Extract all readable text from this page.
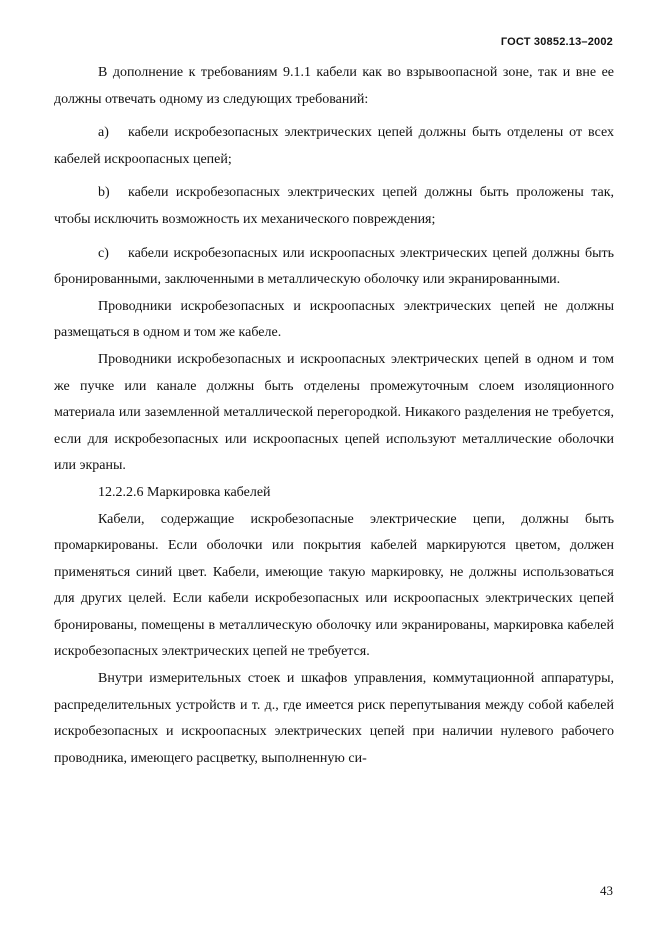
ГОСТ 30852.13–2002

В дополнение к требованиям 9.1.1 кабели как во взрывоопасной зоне, так и вне ее должны отвечать одному из следующих требований:

a) кабели искробезопасных электрических цепей должны быть отделены от всех кабелей искроопасных цепей;

b) кабели искробезопасных электрических цепей должны быть проложены так, чтобы исключить возможность их механического повреждения;

c) кабели искробезопасных или искроопасных электрических цепей должны быть бронированными, заключенными в металлическую оболочку или экранированными.

Проводники искробезопасных и искроопасных электрических цепей не должны размещаться в одном и том же кабеле.

Проводники искробезопасных и искроопасных электрических цепей в одном и том же пучке или канале должны быть отделены промежуточным слоем изоляционного материала или заземленной металлической перегородкой. Никакого разделения не требуется, если для искробезопасных или искроопасных цепей используют металлические оболочки или экраны.

12.2.2.6 Маркировка кабелей

Кабели, содержащие искробезопасные электрические цепи, должны быть промаркированы. Если оболочки или покрытия кабелей маркируются цветом, должен применяться синий цвет. Кабели, имеющие такую маркировку, не должны использоваться для других целей. Если кабели искробезопасных или искроопасных электрических цепей бронированы, помещены в металлическую оболочку или экранированы, маркировка кабелей искробезопасных электрических цепей не требуется.

Внутри измерительных стоек и шкафов управления, коммутационной аппаратуры, распределительных устройств и т. д., где имеется риск перепутывания между собой кабелей искробезопасных и искроопасных электрических цепей при наличии нулевого рабочего проводника, имеющего расцветку, выполненную си-

43
